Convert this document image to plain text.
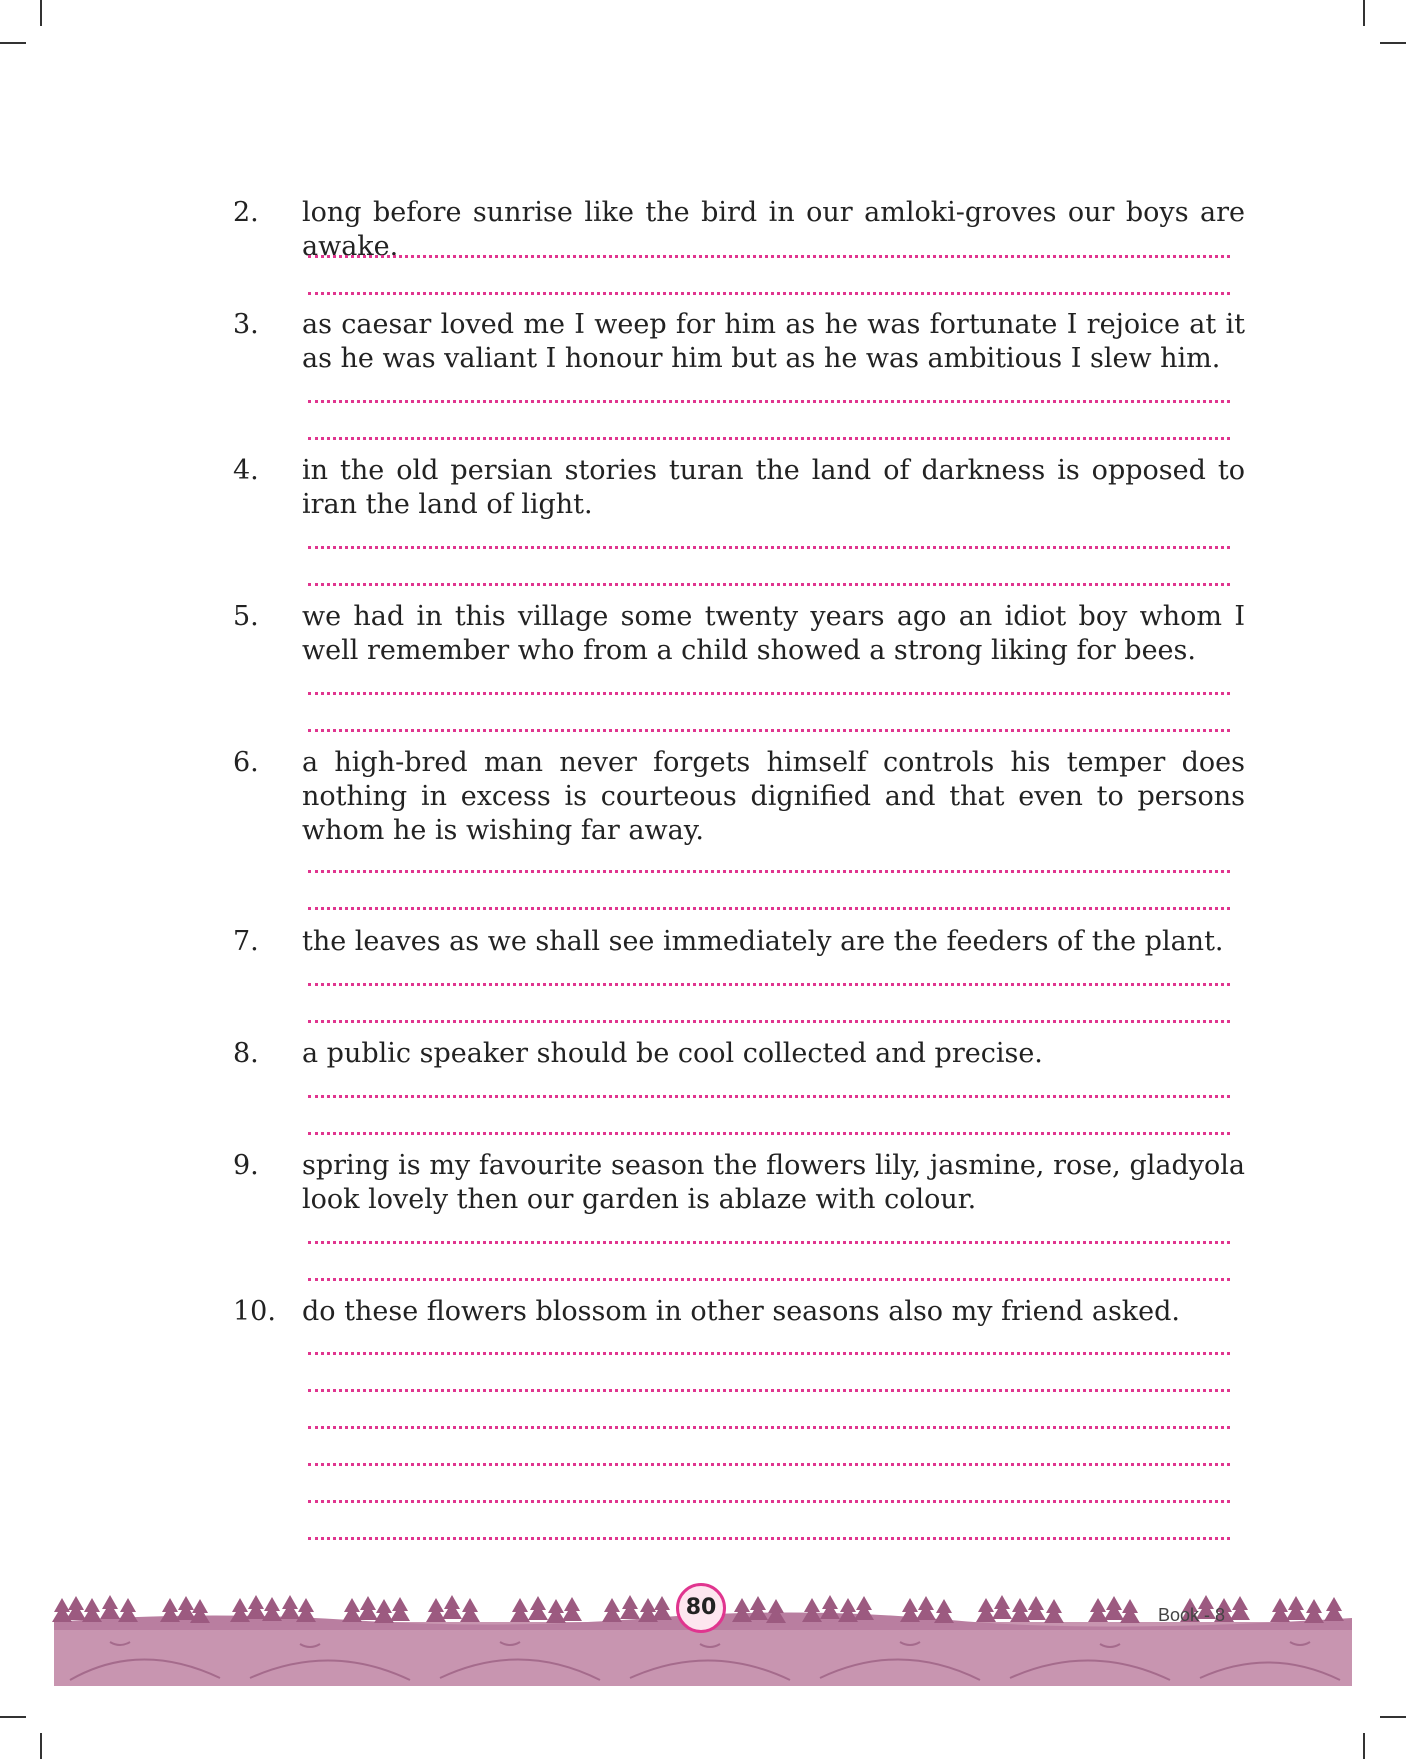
2. long before sunrise like the bird in our amloki-groves our boys are awake.
3. as caesar loved me I weep for him as he was fortunate I rejoice at it as he was valiant I honour him but as he was ambitious I slew him.
4. in the old persian stories turan the land of darkness is opposed to iran the land of light.
5. we had in this village some twenty years ago an idiot boy whom I well remember who from a child showed a strong liking for bees.
6. a high-bred man never forgets himself controls his temper does nothing in excess is courteous dignified and that even to persons whom he is wishing far away.
7. the leaves as we shall see immediately are the feeders of the plant.
8. a public speaker should be cool collected and precise.
9. spring is my favourite season the flowers lily, jasmine, rose, gladyola look lovely then our garden is ablaze with colour.
10. do these flowers blossom in other seasons also my friend asked.
80	Book - 8
